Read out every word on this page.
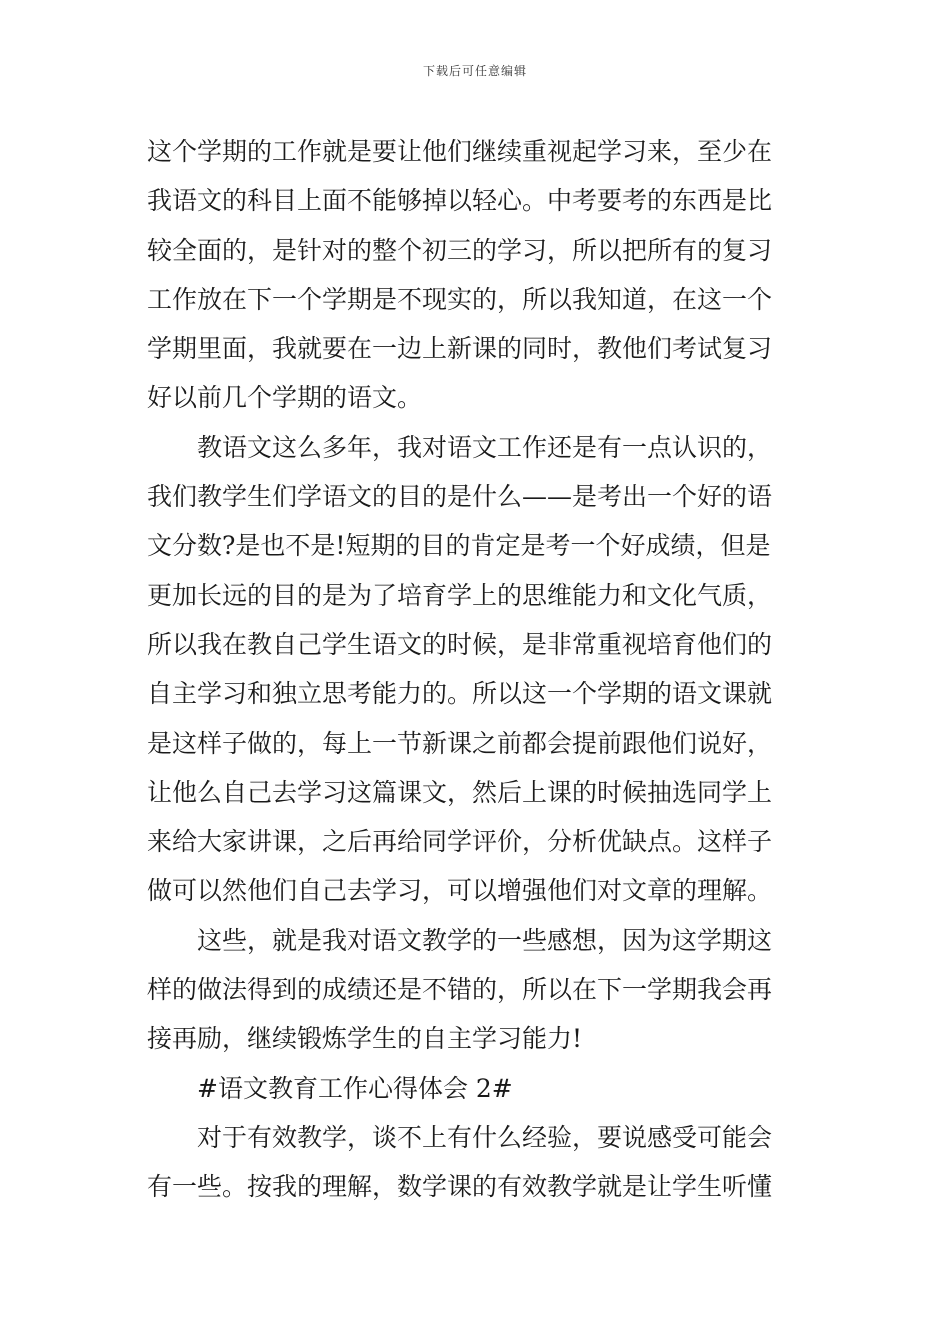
下载后可任意编辑
这个学期的工作就是要让他们继续重视起学习来，至少在
我语文的科目上面不能够掉以轻心。中考要考的东西是比
较全面的，是针对的整个初三的学习，所以把所有的复习
工作放在下一个学期是不现实的，所以我知道，在这一个
学期里面，我就要在一边上新课的同时，教他们考试复习
好以前几个学期的语文。
教语文这么多年，我对语文工作还是有一点认识的，
我们教学生们学语文的目的是什么——是考出一个好的语
文分数?是也不是!短期的目的肯定是考一个好成绩，但是
更加长远的目的是为了培育学上的思维能力和文化气质，
所以我在教自己学生语文的时候，是非常重视培育他们的
自主学习和独立思考能力的。所以这一个学期的语文课就
是这样子做的，每上一节新课之前都会提前跟他们说好，
让他么自己去学习这篇课文，然后上课的时候抽选同学上
来给大家讲课，之后再给同学评价，分析优缺点。这样子
做可以然他们自己去学习，可以增强他们对文章的理解。
这些，就是我对语文教学的一些感想，因为这学期这
样的做法得到的成绩还是不错的，所以在下一学期我会再
接再励，继续锻炼学生的自主学习能力!
#语文教育工作心得体会 2#
对于有效教学，谈不上有什么经验，要说感受可能会
有一些。按我的理解，数学课的有效教学就是让学生听懂
